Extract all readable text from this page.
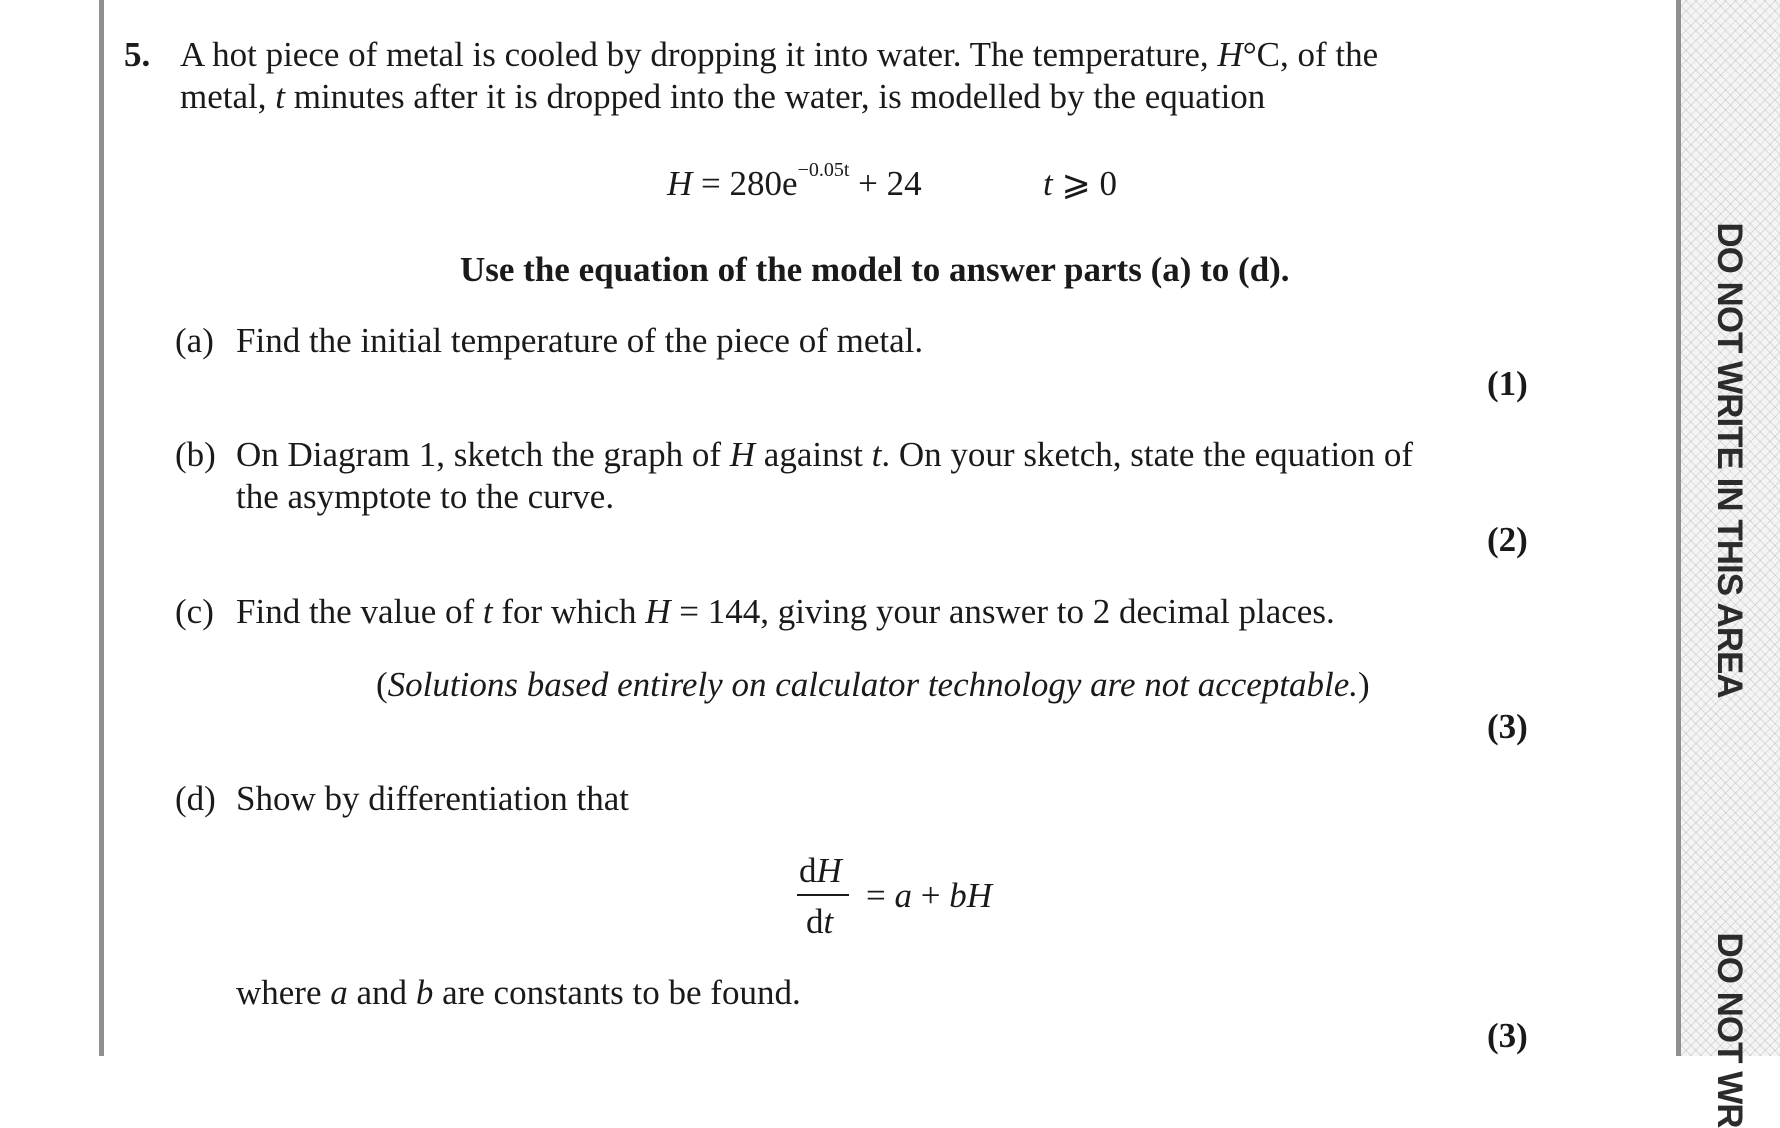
DO NOT WRITE IN THIS AREA
DO NOT WR
5. A hot piece of metal is cooled by dropping it into water. The temperature, H°C, of the
metal, t minutes after it is dropped into the water, is modelled by the equation
$H = 280e^{-0.05t} + 24$	t ⩾ 0
Use the equation of the model to answer parts (a) to (d).
(a) Find the initial temperature of the piece of metal.
(1)
(b) On Diagram 1, sketch the graph of H against t. On your sketch, state the equation of
the asymptote to the curve.
(2)
(c) Find the value of t for which H = 144, giving your answer to 2 decimal places.
(Solutions based entirely on calculator technology are not acceptable.)
(3)
(d) Show by differentiation that
dH
dt
= a + bH
where a and b are constants to be found.
(3)
